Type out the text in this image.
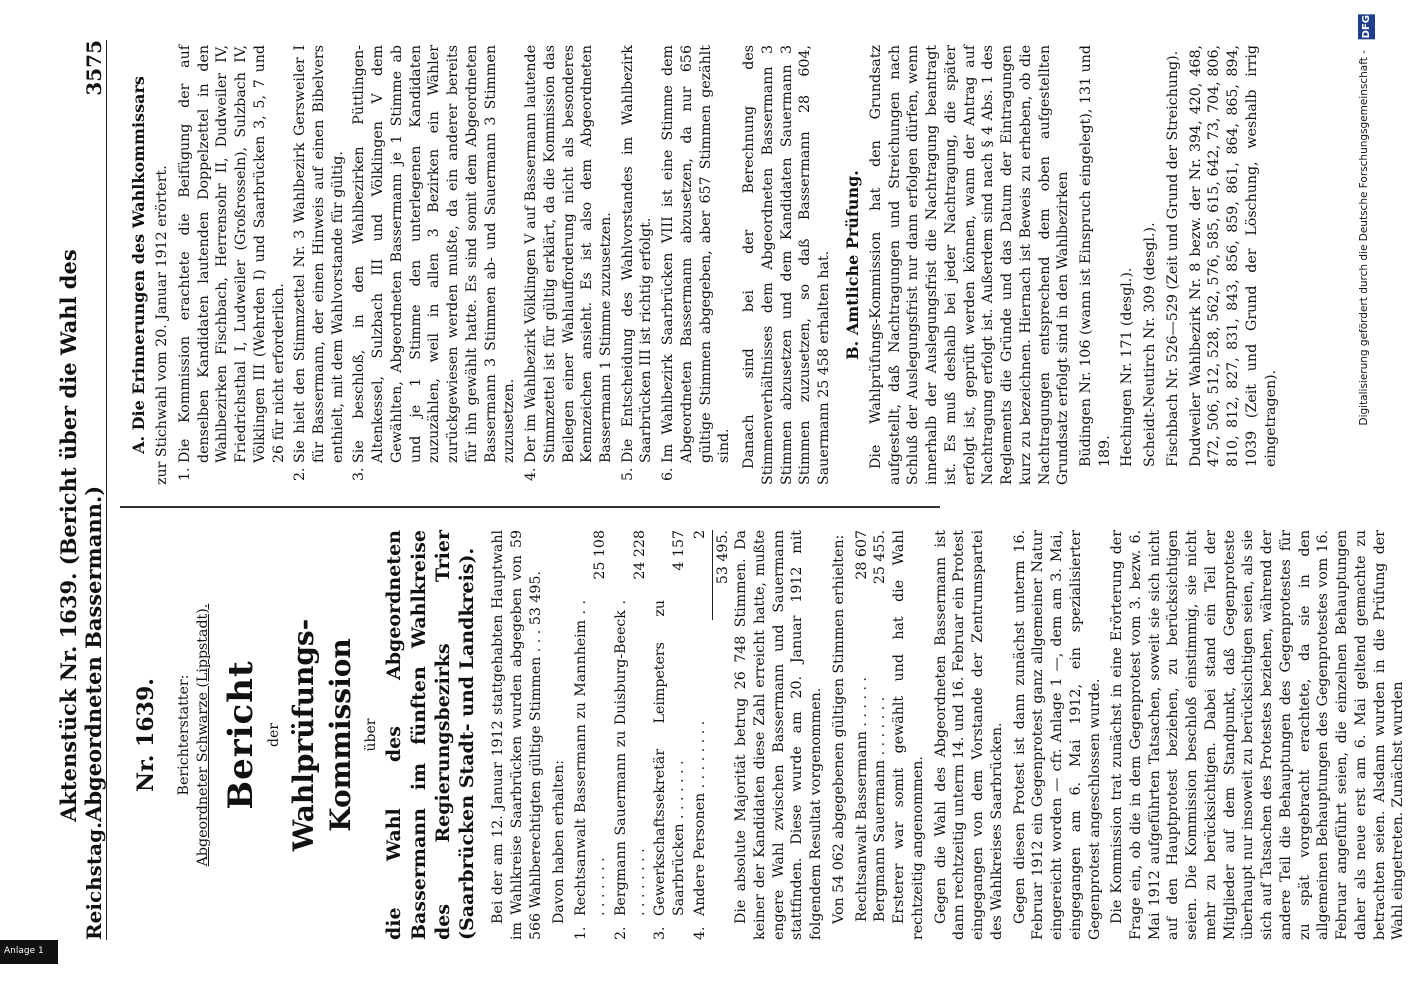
Reichstag.
Aktenstück Nr. 1639. (Bericht über die Wahl des Abgeordneten Bassermann.)
3575
Nr. 1639. Berichterstatter: Abgeordneter Schwarze (Lippstadt). Bericht der Wahlprüfungs-Kommission über die Wahl des Abgeordneten Bassermann im fünften Wahlkreise des Regierungsbezirks Trier (Saarbrücken Stadt- und Landkreis). Bei der am 12. Januar 1912 stattgehabten Hauptwahl im Wahlkreise Saarbrücken wurden abgegeben von 59 566 Wahlberechtigten gültige Stimmen . . . 53 495. Davon haben erhalten:

1.
Rechtsanwalt Bassermann zu Mannheim . . . . . . . . .
25 108
2.
Bergmann Sauermann zu Duisburg-Beeck . . . . . . . . .
24 228
3.
Gewerkschaftssekretär Leimpeters zu Saarbrücken . . . . . . .
4 157
4.
Andere Personen . . . . . . . .
2 53 495. Die absolute Majorität betrug 26 748 Stimmen. Da keiner der Kandidaten diese Zahl erreicht hatte, mußte engere Wahl zwischen Bassermann und Sauermann stattfinden. Diese wurde am 20. Januar 1912 mit folgendem Resultat vorgenommen. Von 54 062 abgegebenen gültigen Stimmen erhielten: Rechtsanwalt Bassermann . . . . . .
28 607
Bergmann Sauermann . . . . . . .
25 455. Ersterer war somit gewählt und hat die Wahl rechtzeitig angenommen. Gegen die Wahl des Abgeordneten Bassermann ist dann rechtzeitig unterm 14. und 16. Februar ein Protest eingegangen von dem Vorstande der Zentrumspartei des Wahlkreises Saarbrücken. Gegen diesen Protest ist dann zunächst unterm 16. Februar 1912 ein Gegenprotest ganz allgemeiner Natur eingereicht worden — cfr. Anlage 1 —, dem am 3. Mai, eingegangen am 6. Mai 1912, ein spezialisierter Gegenprotest angeschlossen wurde. Die Kommission trat zunächst in eine Erörterung der Frage ein, ob die in dem Gegenprotest vom 3. bezw. 6. Mai 1912 aufgeführten Tatsachen, soweit sie sich nicht auf den Hauptprotest beziehen, zu berücksichtigen seien. Die Kommission beschloß einstimmig, sie nicht mehr zu berücksichtigen. Dabei stand ein Teil der Mitglieder auf dem Standpunkt, daß Gegenproteste überhaupt nur insoweit zu berücksichtigen seien, als sie sich auf Tatsachen des Protestes beziehen, während der andere Teil die Behauptungen des Gegenprotestes für zu spät vorgebracht erachtete, da sie in den allgemeinen Behauptungen des Gegenprotestes vom 16. Februar angeführt seien, die einzelnen Behauptungen daher als neue erst am 6. Mai geltend gemachte zu betrachten seien. Alsdann wurden in die Prüfung der Wahl eingetreten. Zunächst wurden

A. Die Erinnerungen des Wahlkommissars zur Stichwahl vom 20. Januar 1912 erörtert. 1. Die Kommission erachtete die Beifügung der auf denselben Kandidaten lautenden Doppelzettel in den Wahlbezirken Fischbach, Herrensohr II, Dudweiler IV, Friedrichsthal I, Ludweiler (Großrosseln), Sulzbach IV, Völklingen III (Wehrden I) und Saarbrücken 3, 5, 7 und 26 für nicht erforderlich. 2. Sie hielt den Stimmzettel Nr. 3 Wahlbezirk Gersweiler I für Bassermann, der einen Hinweis auf einen Bibelvers enthielt, mit dem Wahlvorstande für gültig. 3. Sie beschloß, in den Wahlbezirken Püttlingen-Altenkessel, Sulzbach III und Völklingen V dem Gewählten, Abgeordneten Bassermann je 1 Stimme ab und je 1 Stimme den unterlegenen Kandidaten zuzuzählen, weil in allen 3 Bezirken ein Wähler zurückgewiesen werden mußte, da ein anderer bereits für ihn gewählt hatte. Es sind somit dem Abgeordneten Bassermann 3 Stimmen ab- und Sauermann 3 Stimmen zuzusetzen. 4. Der im Wahlbezirk Völklingen V auf Bassermann lautende Stimmzettel ist für gültig erklärt, da die Kommission das Beilegen einer Wahlaufforderung nicht als besonderes Kennzeichen ansieht. Es ist also dem Abgeordneten Bassermann 1 Stimme zuzusetzen. 5. Die Entscheidung des Wahlvorstandes im Wahlbezirk Saarbrücken III ist richtig erfolgt. 6. Im Wahlbezirk Saarbrücken VIII ist eine Stimme dem Abgeordneten Bassermann abzusetzen, da nur 656 gültige Stimmen abgegeben, aber 657 Stimmen gezählt sind. Danach sind bei der Berechnung des Stimmenverhältnisses dem Abgeordneten Bassermann 3 Stimmen abzusetzen und dem Kandidaten Sauermann 3 Stimmen zuzusetzen, so daß Bassermann 28 604, Sauermann 25 458 erhalten hat. B. Amtliche Prüfung. Die Wahlprüfungs-Kommission hat den Grundsatz aufgestellt, daß Nachtragungen und Streichungen nach Schluß der Auslegungsfrist nur dann erfolgen dürfen, wenn innerhalb der Auslegungsfrist die Nachtragung beantragt ist. Es muß deshalb bei jeder Nachtragung, die später erfolgt ist, geprüft werden können, wann der Antrag auf Nachtragung erfolgt ist. Außerdem sind nach § 4 Abs. 1 des Reglements die Gründe und das Datum der Eintragungen kurz zu bezeichnen. Hiernach ist Beweis zu erheben, ob die Nachtragungen entsprechend dem oben aufgestellten Grundsatz erfolgt sind in den Wahlbezirken Büdingen Nr. 106 (wann ist Einspruch eingelegt), 131 und 189. Hechingen Nr. 171 (desgl.). Scheidt-Neutirch Nr. 309 (desgl.). Fischbach Nr. 526—529 (Zeit und Grund der Streichung). Dudweiler Wahlbezirk Nr. 8 bezw. der Nr. 394, 420, 468, 472, 506, 512, 528, 562, 576, 585, 615, 642, 73, 704, 806, 810, 812, 827, 831, 843, 856, 859, 861, 864, 865, 894, 1039 (Zeit und Grund der Löschung, weshalb irrig eingetragen).

Anlage 1
DFG
Digitalisierung gefördert durch die Deutsche Forschungsgemeinschaft -
